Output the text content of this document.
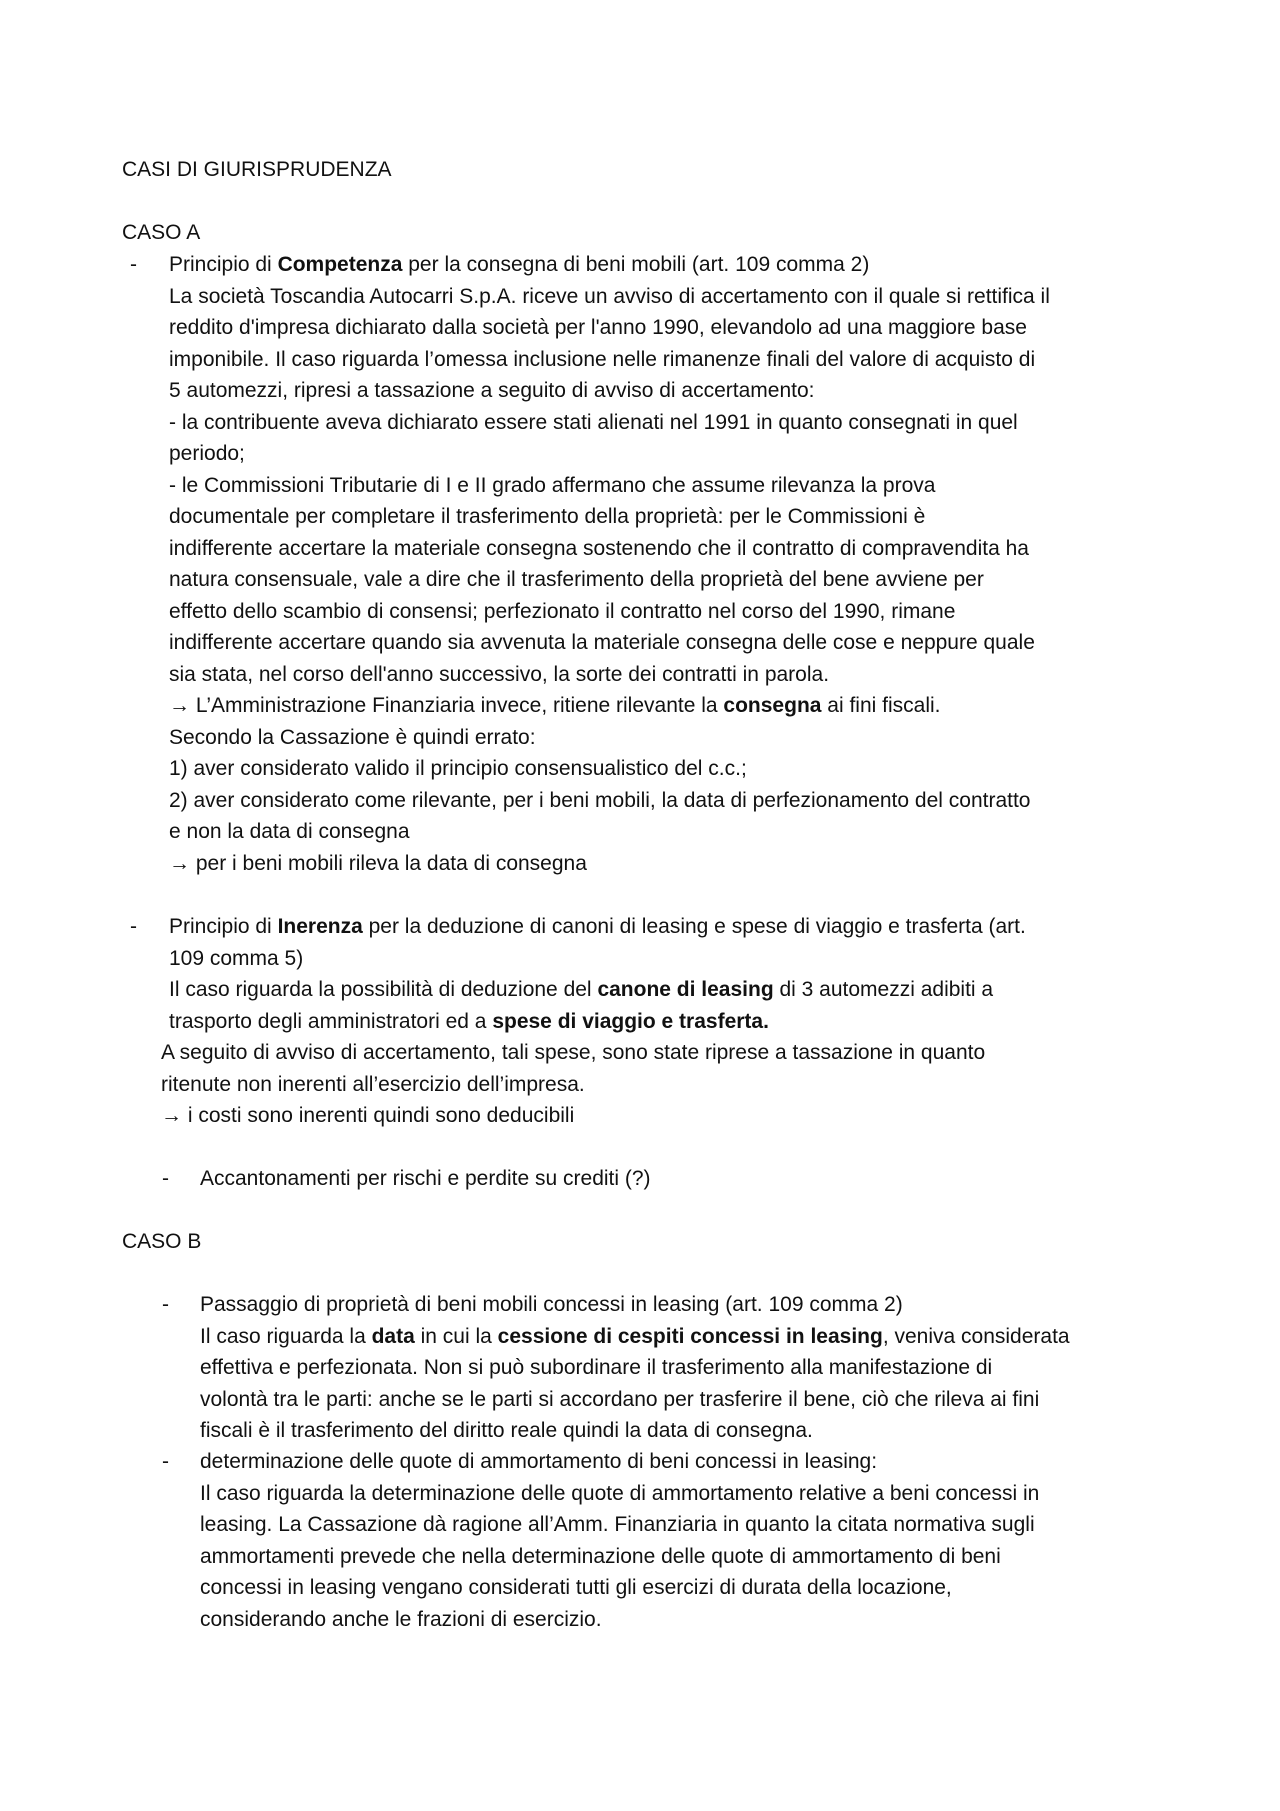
CASI DI GIURISPRUDENZA

CASO A

- Principio di Competenza per la consegna di beni mobili (art. 109 comma 2)
La società Toscandia Autocarri S.p.A. riceve un avviso di accertamento con il quale si rettifica il
reddito d'impresa dichiarato dalla società per l'anno 1990, elevandolo ad una maggiore base
imponibile. Il caso riguarda l’omessa inclusione nelle rimanenze finali del valore di acquisto di
5 automezzi, ripresi a tassazione a seguito di avviso di accertamento:
- la contribuente aveva dichiarato essere stati alienati nel 1991 in quanto consegnati in quel
periodo;
- le Commissioni Tributarie di I e II grado affermano che assume rilevanza la prova
documentale per completare il trasferimento della proprietà: per le Commissioni è
indifferente accertare la materiale consegna sostenendo che il contratto di compravendita ha
natura consensuale, vale a dire che il trasferimento della proprietà del bene avviene per
effetto dello scambio di consensi; perfezionato il contratto nel corso del 1990, rimane
indifferente accertare quando sia avvenuta la materiale consegna delle cose e neppure quale
sia stata, nel corso dell'anno successivo, la sorte dei contratti in parola.
→ L’Amministrazione Finanziaria invece, ritiene rilevante la consegna ai fini fiscali.
Secondo la Cassazione è quindi errato:
1) aver considerato valido il principio consensualistico del c.c.;
2) aver considerato come rilevante, per i beni mobili, la data di perfezionamento del contratto
e non la data di consegna
→ per i beni mobili rileva la data di consegna
- Principio di Inerenza per la deduzione di canoni di leasing e spese di viaggio e trasferta (art.
109 comma 5)
Il caso riguarda la possibilità di deduzione del canone di leasing di 3 automezzi adibiti a
trasporto degli amministratori ed a spese di viaggio e trasferta.
A seguito di avviso di accertamento, tali spese, sono state riprese a tassazione in quanto
ritenute non inerenti all’esercizio dell’impresa.
→ i costi sono inerenti quindi sono deducibili
- Accantonamenti per rischi e perdite su crediti (?)

CASO B

- Passaggio di proprietà di beni mobili concessi in leasing (art. 109 comma 2)
Il caso riguarda la data in cui la cessione di cespiti concessi in leasing, veniva considerata
effettiva e perfezionata. Non si può subordinare il trasferimento alla manifestazione di
volontà tra le parti: anche se le parti si accordano per trasferire il bene, ciò che rileva ai fini
fiscali è il trasferimento del diritto reale quindi la data di consegna.
- determinazione delle quote di ammortamento di beni concessi in leasing:
Il caso riguarda la determinazione delle quote di ammortamento relative a beni concessi in
leasing. La Cassazione dà ragione all’Amm. Finanziaria in quanto la citata normativa sugli
ammortamenti prevede che nella determinazione delle quote di ammortamento di beni
concessi in leasing vengano considerati tutti gli esercizi di durata della locazione,
considerando anche le frazioni di esercizio.
